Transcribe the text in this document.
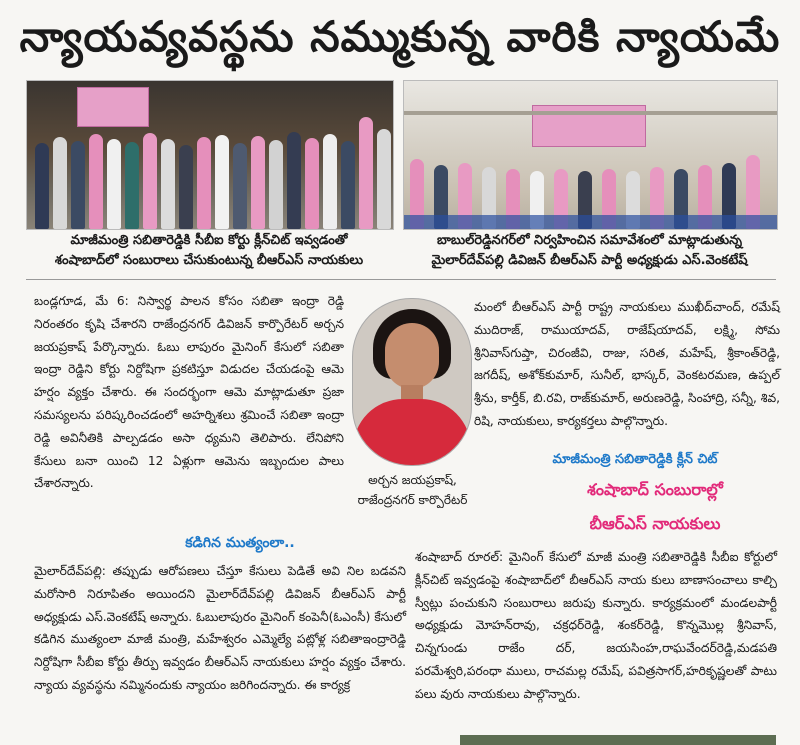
న్యాయవ్యవస్థను నమ్ముకున్న వారికి న్యాయమే
మాజీమంత్రి సబితారెడ్డికి సీబీఐ కోర్టు క్లీన్‌చిట్ ఇవ్వడంతో
శంషాబాద్‌లో సంబురాలు చేసుకుంటున్న బీఆర్ఎస్ నాయకులు
బాబుల్‌రెడ్డినగర్‌లో నిర్వహించిన సమావేశంలో మాట్లాడుతున్న
మైలార్‌దేవ్‌పల్లి డివిజన్ బీఆర్ఎస్ పార్టీ అధ్యక్షుడు ఎస్.వెంకటేష్
బండ్లగూడ, మే 6: నిస్వార్థ పాలన కోసం సబితా ఇంద్రా రెడ్డి నిరంతరం కృషి చేశారని రాజేంద్రనగర్ డివిజన్ కార్పొరేటర్ అర్చన జయప్రకాష్ పేర్కొన్నారు. ఓబు లాపురం మైనింగ్ కేసులో సబితా ఇంద్రా రెడ్డిని కోర్టు నిర్దోషిగా ప్రకటిస్తూ విడుదల చేయడంపై ఆమె హర్షం వ్యక్తం చేశారు. ఈ సందర్భంగా ఆమె మాట్లాడుతూ ప్రజా సమస్యలను పరిష్కరించడంలో అహర్నిశలు శ్రమించే సబితా ఇంద్రా రెడ్డి అవినీతికి పాల్పడడం అసా ధ్యమని తెలిపారు. లేనిపోని కేసులు బనా యించి 12 ఏళ్లుగా ఆమెను ఇబ్బందుల పాలు చేశారన్నారు.	అర్చన జయప్రకాష్,
రాజేంద్రనగర్ కార్పొరేటర్
మంలో బీఆర్ఎస్ పార్టీ రాష్ట్ర నాయకులు ముఖీద్‌చాంద్, రమేష్ ముదిరాజ్, రాముయాదవ్, రాజేష్‌యాదవ్, లక్ష్మి, సోమ శ్రీనివాస్‌గుప్తా, చిరంజీవి, రాజు, సరిత, మహేష్, శ్రీకాంత్‌రెడ్డి, జగదీష్, అశోక్‌కుమార్, సునీల్, భాస్కర్, వెంకటరమణ, ఉప్పల్ శ్రీను, కార్తీక్, బి.రవి, రాజ్‌కుమార్, అరుణరెడ్డి, సింహాద్రి, సన్నీ, శివ, రిషి, నాయకులు, కార్యకర్తలు పాల్గొన్నారు.
మాజీమంత్రి సబితారెడ్డికి క్లీన్ చిట్
శంషాబాద్ సంబురాల్లో
బీఆర్ఎస్ నాయకులు
కడిగిన ముత్యంలా..
మైలార్‌దేవ్‌పల్లి: తప్పుడు ఆరోపణలు చేస్తూ కేసులు పెడితే అవి నిల బడవని మరోసారి నిరూపితం అయిందని మైలార్‌దేవ్‌పల్లి డివిజన్ బీఆర్ఎస్ పార్టీ అధ్యక్షుడు ఎస్.వెంకటేష్ అన్నారు. ఓబులాపురం మైనింగ్ కంపెనీ(ఓఎంసీ) కేసులో కడిగిన ముత్యంలా మాజీ మంత్రి, మహేశ్వరం ఎమ్మెల్యే పట్లోళ్ల సబితాఇంద్రారెడ్డి నిర్దోషిగా సీబీఐ కోర్టు తీర్పు ఇవ్వడం బీఆర్ఎస్ నాయకులు హర్షం వ్యక్తం చేశారు. న్యాయ వ్యవస్థను నమ్మినందుకు న్యాయం జరిగిందన్నారు. ఈ కార్యక్ర
శంషాబాద్ రూరల్: మైనింగ్ కేసులో మాజీ మంత్రి సబితారెడ్డికి సీబీఐ కోర్టులో క్లీన్‌చిట్ ఇవ్వడంపై శంషాబాద్‌లో బీఆర్ఎస్ నాయ కులు బాణాసంచాలు కాల్చి స్వీట్లు పంచుకుని సంబురాలు జరుపు కున్నారు. కార్యక్రమంలో మండలపార్టీ అధ్యక్షుడు మోహన్‌రావు, చక్రధర్‌రెడ్డి, శంకర్‌రెడ్డి, కొన్నమొల్ల శ్రీనివాస్, చిన్నగుండు రాజేం దర్, జయసింహ,రాఘవేందర్‌రెడ్డి,మడపతి పరమేశ్వరి,పరంధా ములు, రాచమల్ల రమేష్, పవిత్రసాగర్,హరికృష్ణలతో పాటు పలు వురు నాయకులు పాల్గొన్నారు.
